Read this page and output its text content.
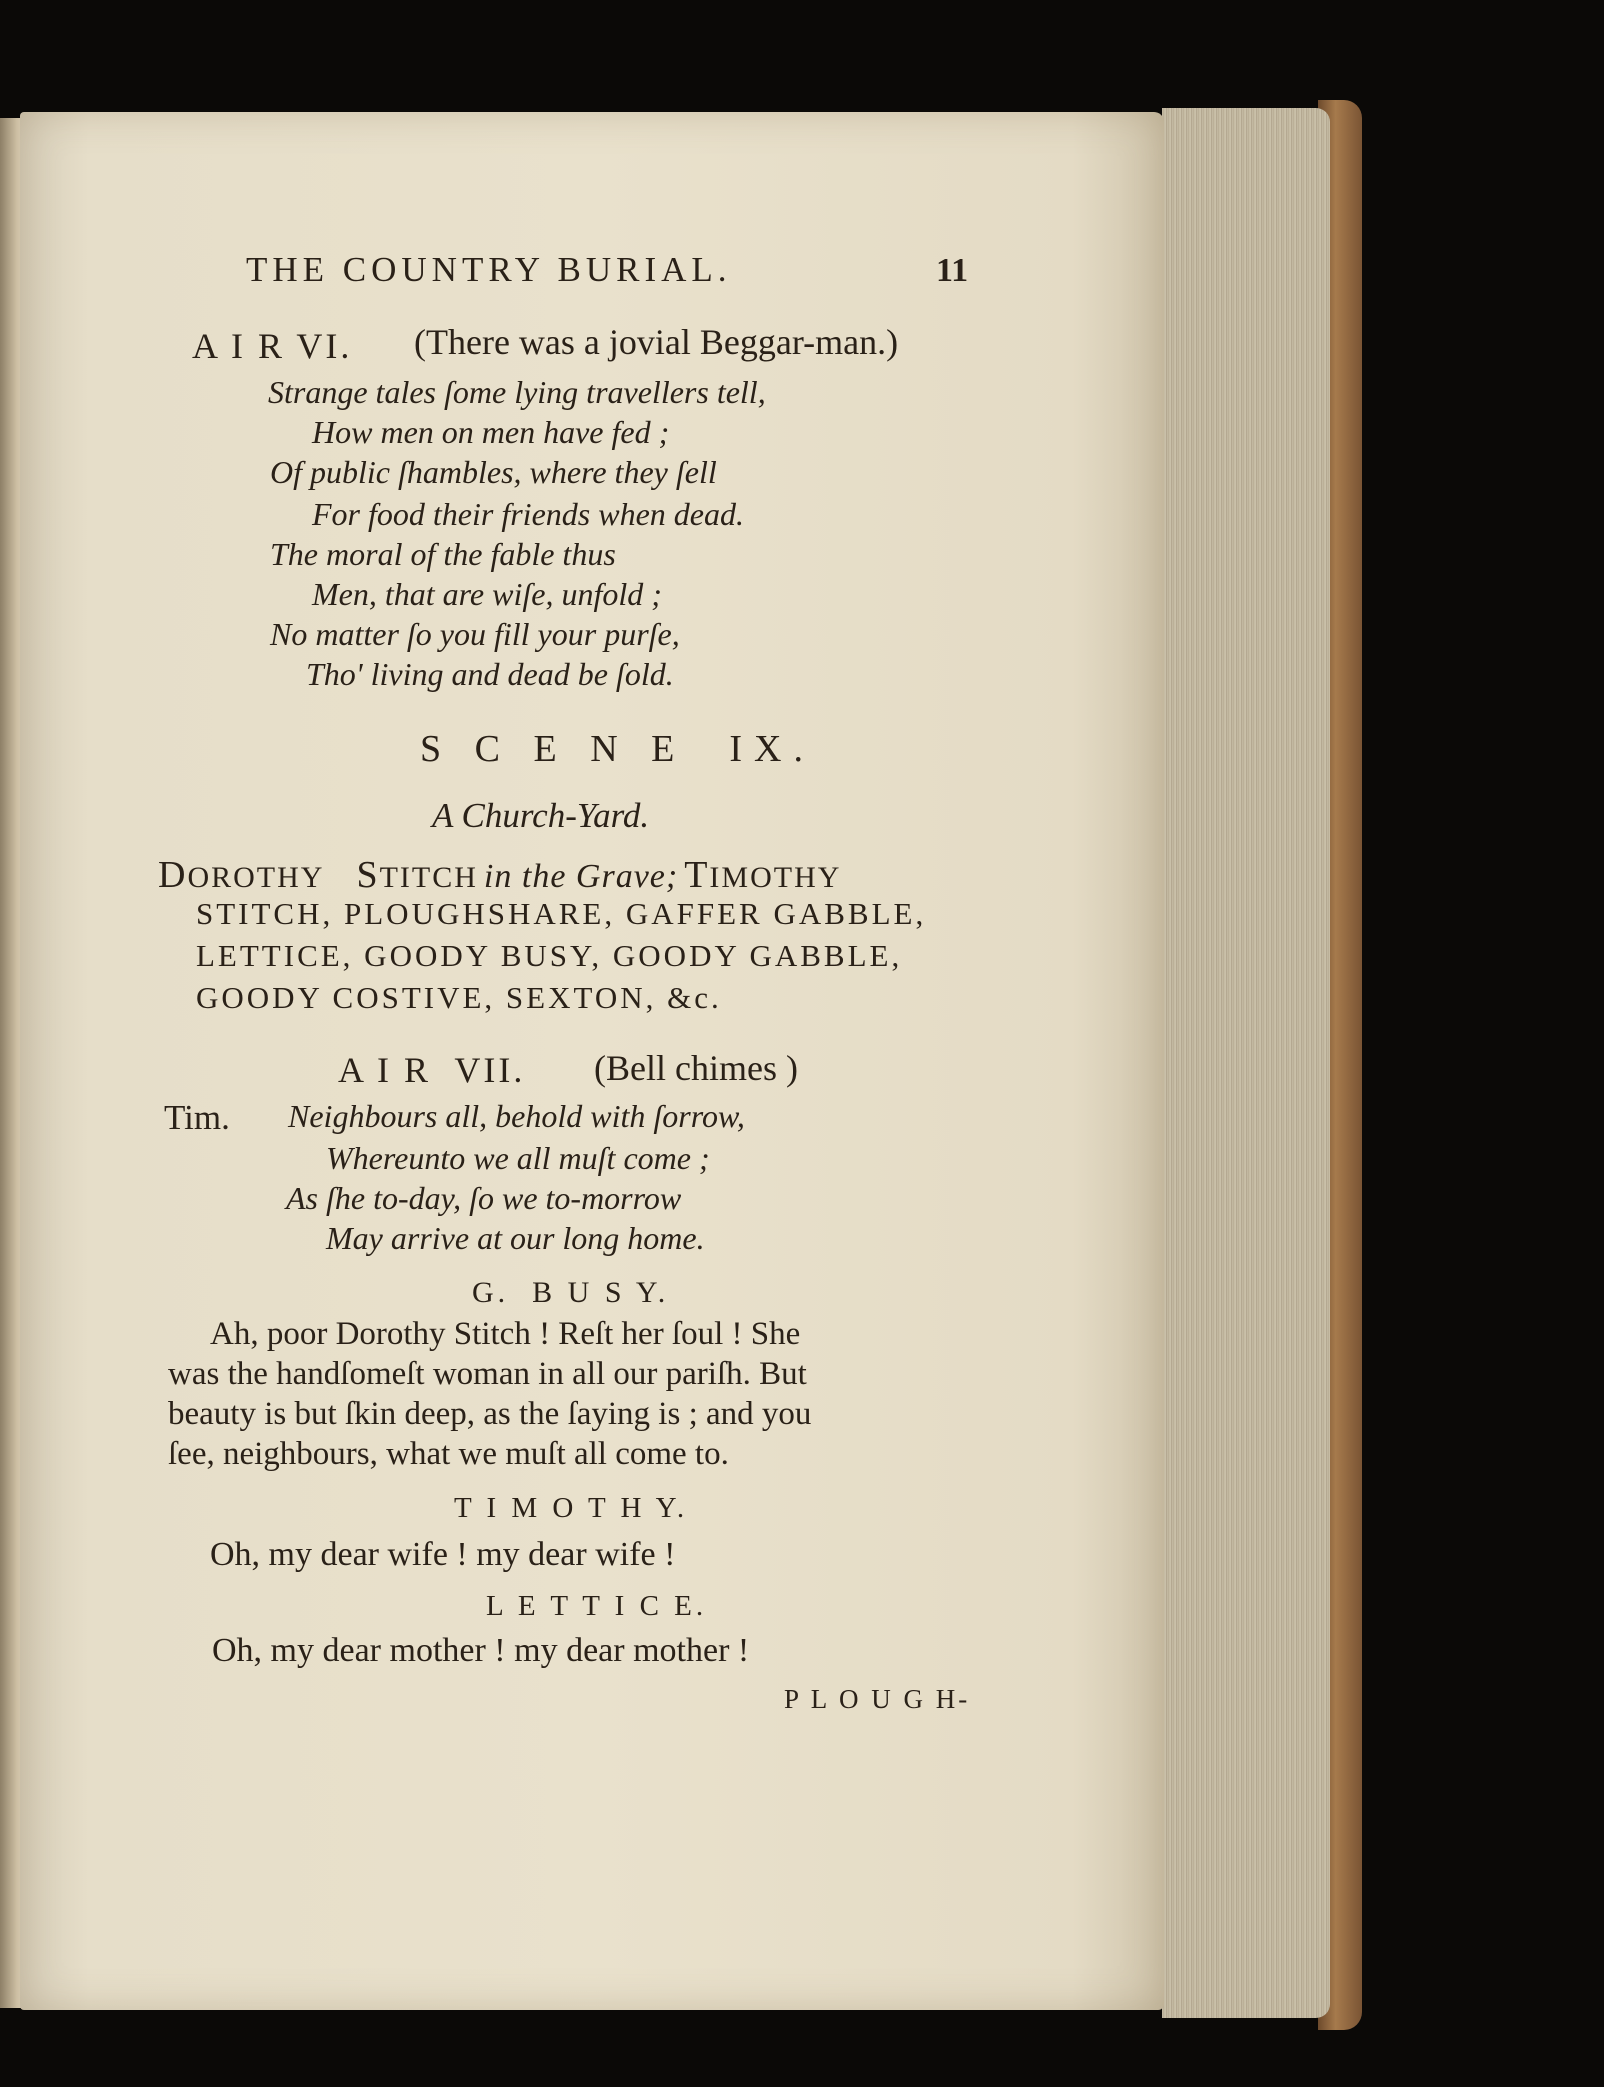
THE COUNTRY BURIAL.	11
A I R VI. (There was a jovial Beggar-man.)
Strange tales ſome lying travellers tell,
How men on men have fed ;
Of public ſhambles, where they ſell
For food their friends when dead.
The moral of the fable thus
Men, that are wiſe, unfold ;
No matter ſo you fill your purſe,
Tho' living and dead be ſold.
S C E N E  IX.
A Church-Yard.
DOROTHY STITCH in the Grave; TIMOTHY
STITCH, PLOUGHSHARE, GAFFER GABBLE,
LETTICE, GOODY BUSY, GOODY GABBLE,
GOODY COSTIVE, SEXTON, &c.
A I R  VII. (Bell chimes )
Tim. Neighbours all, behold with ſorrow,
Whereunto we all muſt come ;
As ſhe to-day, ſo we to-morrow
May arrive at our long home.
G.  B U S Y.
Ah, poor Dorothy Stitch ! Reſt her ſoul ! She
was the handſomeſt woman in all our pariſh. But
beauty is but ſkin deep, as the ſaying is ; and you
ſee, neighbours, what we muſt all come to.
T I M O T H Y.
Oh, my dear wife ! my dear wife !
L E T T I C E.
Oh, my dear mother ! my dear mother !
P L O U G H-
